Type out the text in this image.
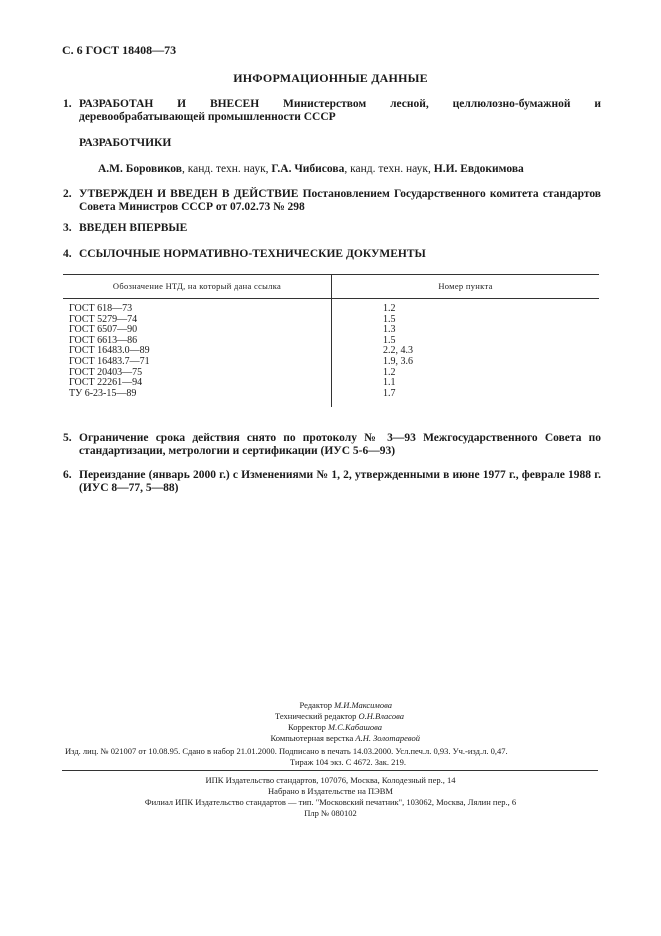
С. 6 ГОСТ 18408—73
ИНФОРМАЦИОННЫЕ ДАННЫЕ
1. РАЗРАБОТАН И ВНЕСЕН Министерством лесной, целлюлозно-бумажной и деревообрабатывающей промышленности СССР
РАЗРАБОТЧИКИ
А.М. Боровиков, канд. техн. наук, Г.А. Чибисова, канд. техн. наук, Н.И. Евдокимова
2. УТВЕРЖДЕН И ВВЕДЕН В ДЕЙСТВИЕ Постановлением Государственного комитета стандартов Совета Министров СССР от 07.02.73 № 298
3. ВВЕДЕН ВПЕРВЫЕ
4. ССЫЛОЧНЫЕ НОРМАТИВНО-ТЕХНИЧЕСКИЕ ДОКУМЕНТЫ
Обозначение НТД, на который дана ссылка	Номер пункта
ГОСТ 618—73
ГОСТ 5279—74
ГОСТ 6507—90
ГОСТ 6613—86
ГОСТ 16483.0—89
ГОСТ 16483.7—71
ГОСТ 20403—75
ГОСТ 22261—94
ТУ 6-23-15—89
1.2
1.5
1.3
1.5
2.2, 4.3
1.9, 3.6
1.2
1.1
1.7
5. Ограничение срока действия снято по протоколу № 3—93 Межгосударственного Совета по стандартизации, метрологии и сертификации (ИУС 5-6—93)
6. Переиздание (январь 2000 г.) с Изменениями № 1, 2, утвержденными в июне 1977 г., феврале 1988 г. (ИУС 8—77, 5—88)
Редактор М.И.Максимова
Технический редактор О.Н.Власова
Корректор М.С.Кабашова
Компьютерная верстка А.Н. Золотаревой
Изд. лиц. № 021007 от 10.08.95. Сдано в набор 21.01.2000. Подписано в печать 14.03.2000. Усл.печ.л. 0,93. Уч.-изд.л. 0,47.
Тираж 104 экз. С 4672. Зак. 219.
ИПК Издательство стандартов, 107076, Москва, Колодезный пер., 14
Набрано в Издательстве на ПЭВМ
Филиал ИПК Издательство стандартов — тип. "Московский печатник", 103062, Москва, Лялин пер., 6
Плр № 080102
